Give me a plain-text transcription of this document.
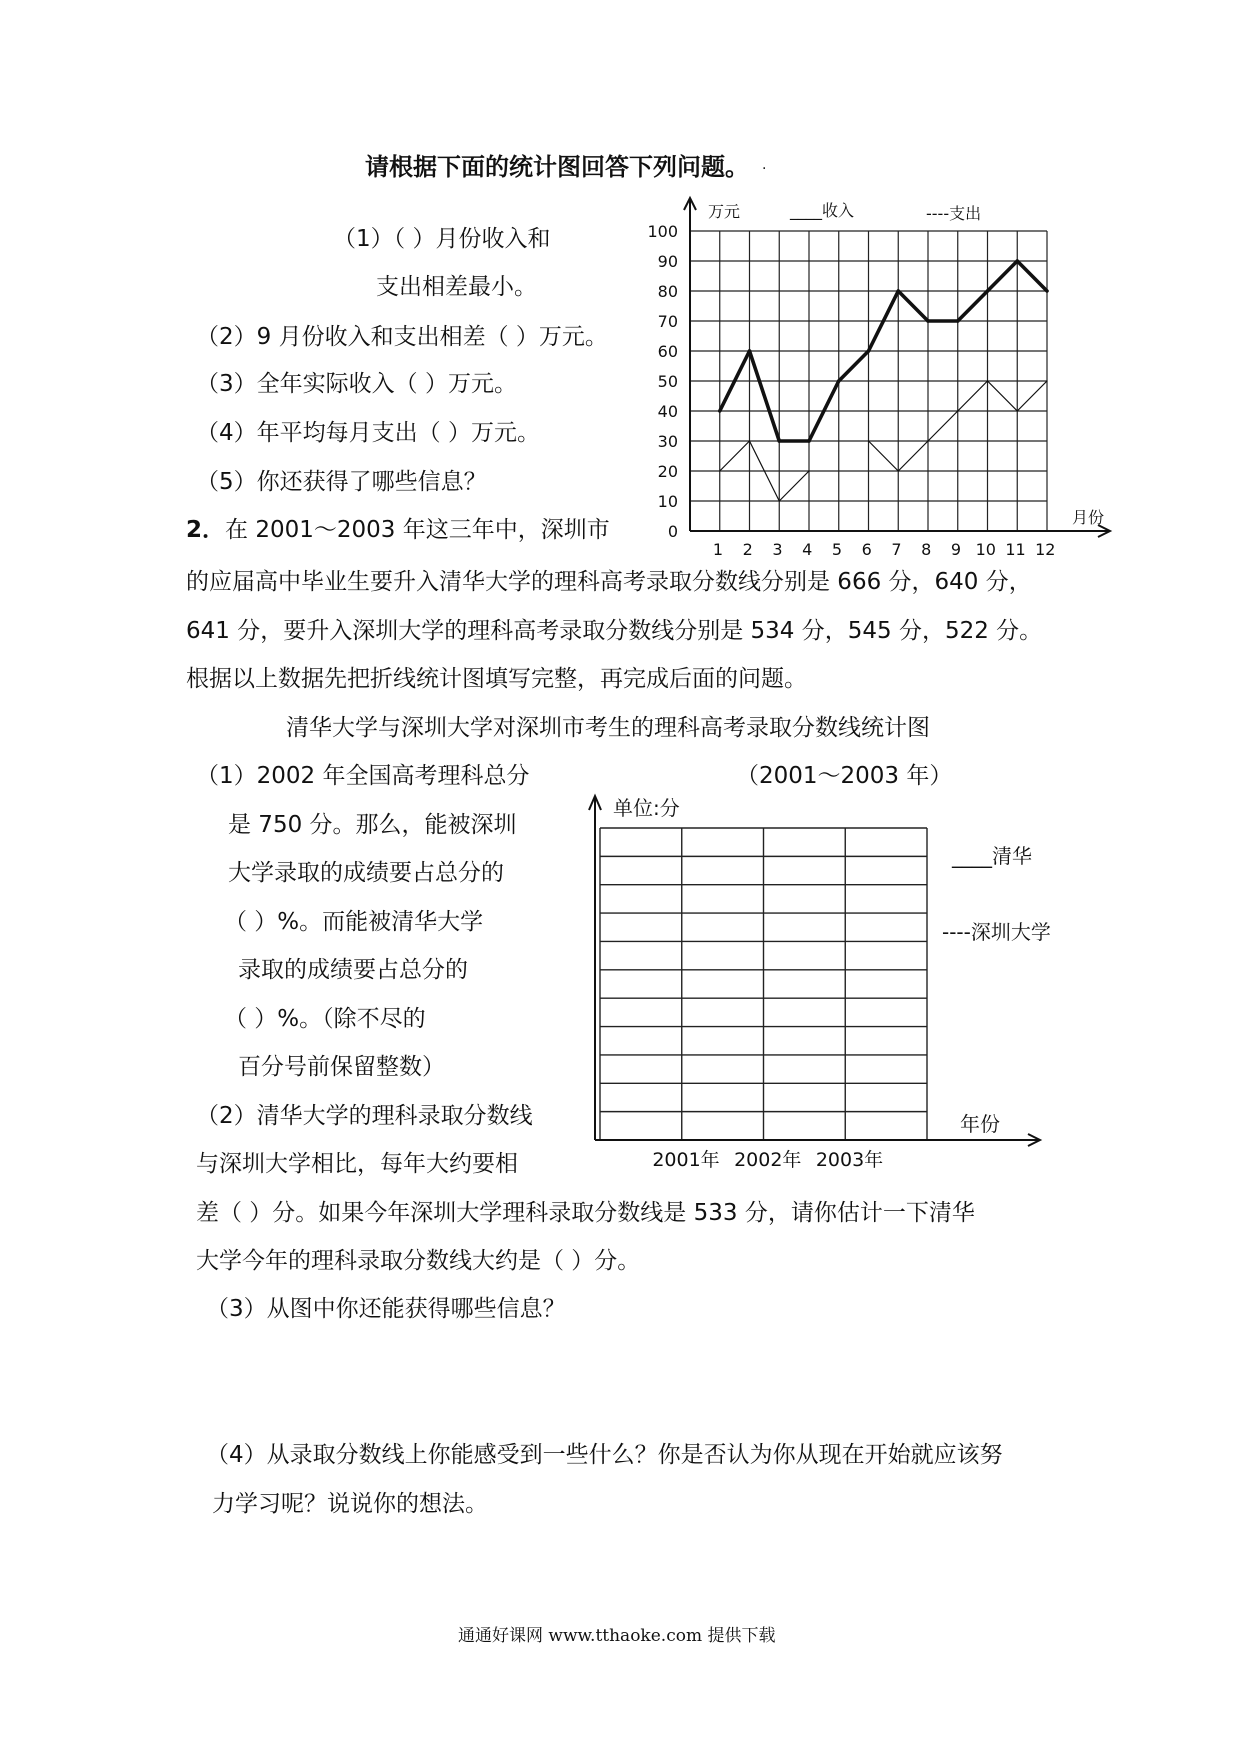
请根据下面的统计图回答下列问题。 .
（1）（ ）月份收入和
支出相差最小。
（2）9 月份收入和支出相差（ ）万元。
（3）全年实际收入（ ）万元。
（4）年平均每月支出（ ）万元。
（5）你还获得了哪些信息？
0
10
20
30
40
50
60
70
80
90
100
1 2 3 4 5 6 7 8 9 10 11 12
万元	____收入	----支出
月份
2．在 2001～2003 年这三年中，深圳市
的应届高中毕业生要升入清华大学的理科高考录取分数线分别是 666 分，640 分，
641 分，要升入深圳大学的理科高考录取分数线分别是 534 分，545 分，522 分。
根据以上数据先把折线统计图填写完整，再完成后面的问题。
清华大学与深圳大学对深圳市考生的理科高考录取分数线统计图
（2001～2003 年）
（1）2002 年全国高考理科总分
是 750 分。那么，能被深圳
大学录取的成绩要占总分的
（ ）%。而能被清华大学
录取的成绩要占总分的
（ ）%。（除不尽的
百分号前保留整数）
（2）清华大学的理科录取分数线
与深圳大学相比，每年大约要相
差（ ）分。如果今年深圳大学理科录取分数线是 533 分，请你估计一下清华
大学今年的理科录取分数线大约是（ ）分。
（3）从图中你还能获得哪些信息？
（4）从录取分数线上你能感受到一些什么？你是否认为你从现在开始就应该努
力学习呢？说说你的想法。
2001年 2002年 2003年
单位:分
____清华
----深圳大学
年份
通通好课网 www.tthaoke.com 提供下载
